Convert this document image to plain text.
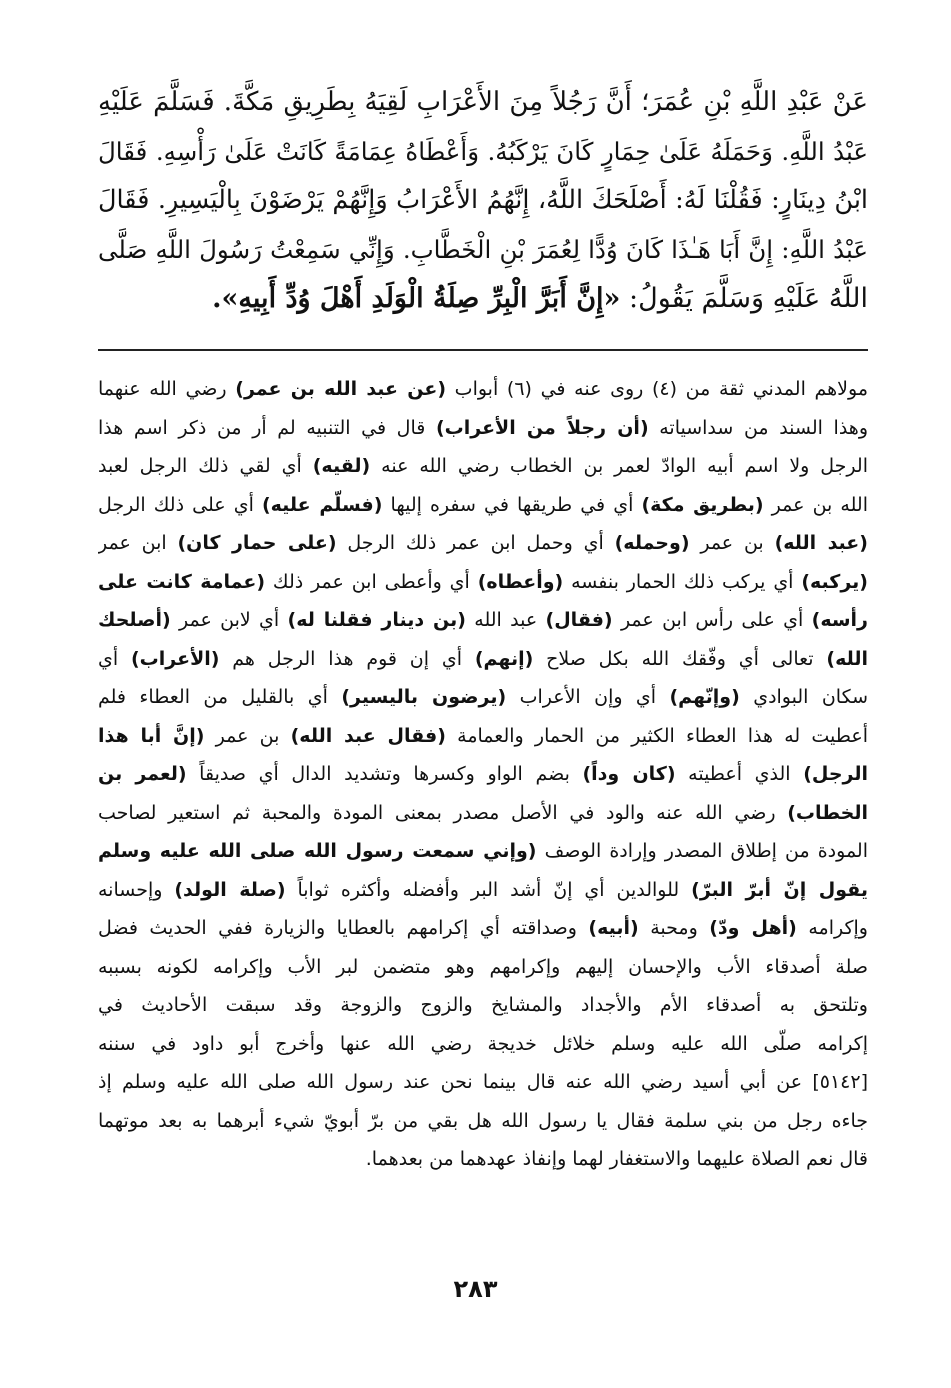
عَنْ عَبْدِ اللَّهِ بْنِ عُمَرَ؛ أَنَّ رَجُلاً مِنَ الأَعْرَابِ لَقِيَهُ بِطَرِيقِ مَكَّةَ. فَسَلَّمَ عَلَيْهِ
عَبْدُ اللَّهِ. وَحَمَلَهُ عَلَىٰ حِمَارٍ كَانَ يَرْكَبُهُ. وَأَعْطَاهُ عِمَامَةً كَانَتْ عَلَىٰ رَأْسِهِ. فَقَالَ
ابْنُ دِينَارٍ: فَقُلْنَا لَهُ: أَصْلَحَكَ اللَّهُ، إِنَّهُمُ الأَعْرَابُ وَإِنَّهُمْ يَرْضَوْنَ بِالْيَسِيرِ. فَقَالَ
عَبْدُ اللَّهِ: إِنَّ أَبَا هَـٰذَا كَانَ وُدًّا لِعُمَرَ بْنِ الْخَطَّابِ. وَإِنِّي سَمِعْتُ رَسُولَ اللَّهِ صَلَّى
اللَّهُ عَلَيْهِ وَسَلَّمَ يَقُولُ: «إِنَّ أَبَرَّ الْبِرِّ صِلَةُ الْوَلَدِ أَهْلَ وُدِّ أَبِيهِ».
مولاهم المدني ثقة من (٤) روى عنه في (٦) أبواب (عن عبد الله بن عمر) رضي الله عنهما
وهذا السند من سداسياته (أن رجلاً من الأعراب) قال في التنبيه لم أر من ذكر اسم هذا
الرجل ولا اسم أبيه الوادّ لعمر بن الخطاب رضي الله عنه (لقيه) أي لقي ذلك الرجل لعبد
الله بن عمر (بطريق مكة) أي في طريقها في سفره إليها (فسلّم عليه) أي على ذلك الرجل
(عبد الله) بن عمر (وحمله) أي وحمل ابن عمر ذلك الرجل (على حمار كان) ابن عمر
(يركبه) أي يركب ذلك الحمار بنفسه (وأعطاه) أي وأعطى ابن عمر ذلك (عمامة كانت على
رأسه) أي على رأس ابن عمر (فقال) عبد الله (بن دينار فقلنا له) أي لابن عمر (أصلحك
الله) تعالى أي وفّقك الله بكل صلاح (إنهم) أي إن قوم هذا الرجل هم (الأعراب) أي
سكان البوادي (وإنّهم) أي وإن الأعراب (يرضون باليسير) أي بالقليل من العطاء فلم
أعطيت له هذا العطاء الكثير من الحمار والعمامة (فقال عبد الله) بن عمر (إنَّ أبا هذا
الرجل) الذي أعطيته (كان وداً) بضم الواو وكسرها وتشديد الدال أي صديقاً (لعمر بن
الخطاب) رضي الله عنه والود في الأصل مصدر بمعنى المودة والمحبة ثم استعير لصاحب
المودة من إطلاق المصدر وإرادة الوصف (وإني سمعت رسول الله صلى الله عليه وسلم
يقول إنّ أبرّ البرّ) للوالدين أي إنّ أشد البر وأفضله وأكثره ثواباً (صلة الولد) وإحسانه
وإكرامه (أهل ودّ) ومحبة (أبيه) وصداقته أي إكرامهم بالعطايا والزيارة ففي الحديث فضل
صلة أصدقاء الأب والإحسان إليهم وإكرامهم وهو متضمن لبر الأب وإكرامه لكونه بسببه
وتلتحق به أصدقاء الأم والأجداد والمشايخ والزوج والزوجة وقد سبقت الأحاديث في
إكرامه صلّى الله عليه وسلم خلائل خديجة رضي الله عنها وأخرج أبو داود في سننه
[٥١٤٢] عن أبي أسيد رضي الله عنه قال بينما نحن عند رسول الله صلى الله عليه وسلم إذ
جاءه رجل من بني سلمة فقال يا رسول الله هل بقي من برّ أبويّ شيء أبرهما به بعد موتهما
قال نعم الصلاة عليهما والاستغفار لهما وإنفاذ عهدهما من بعدهما.
٢٨٣
